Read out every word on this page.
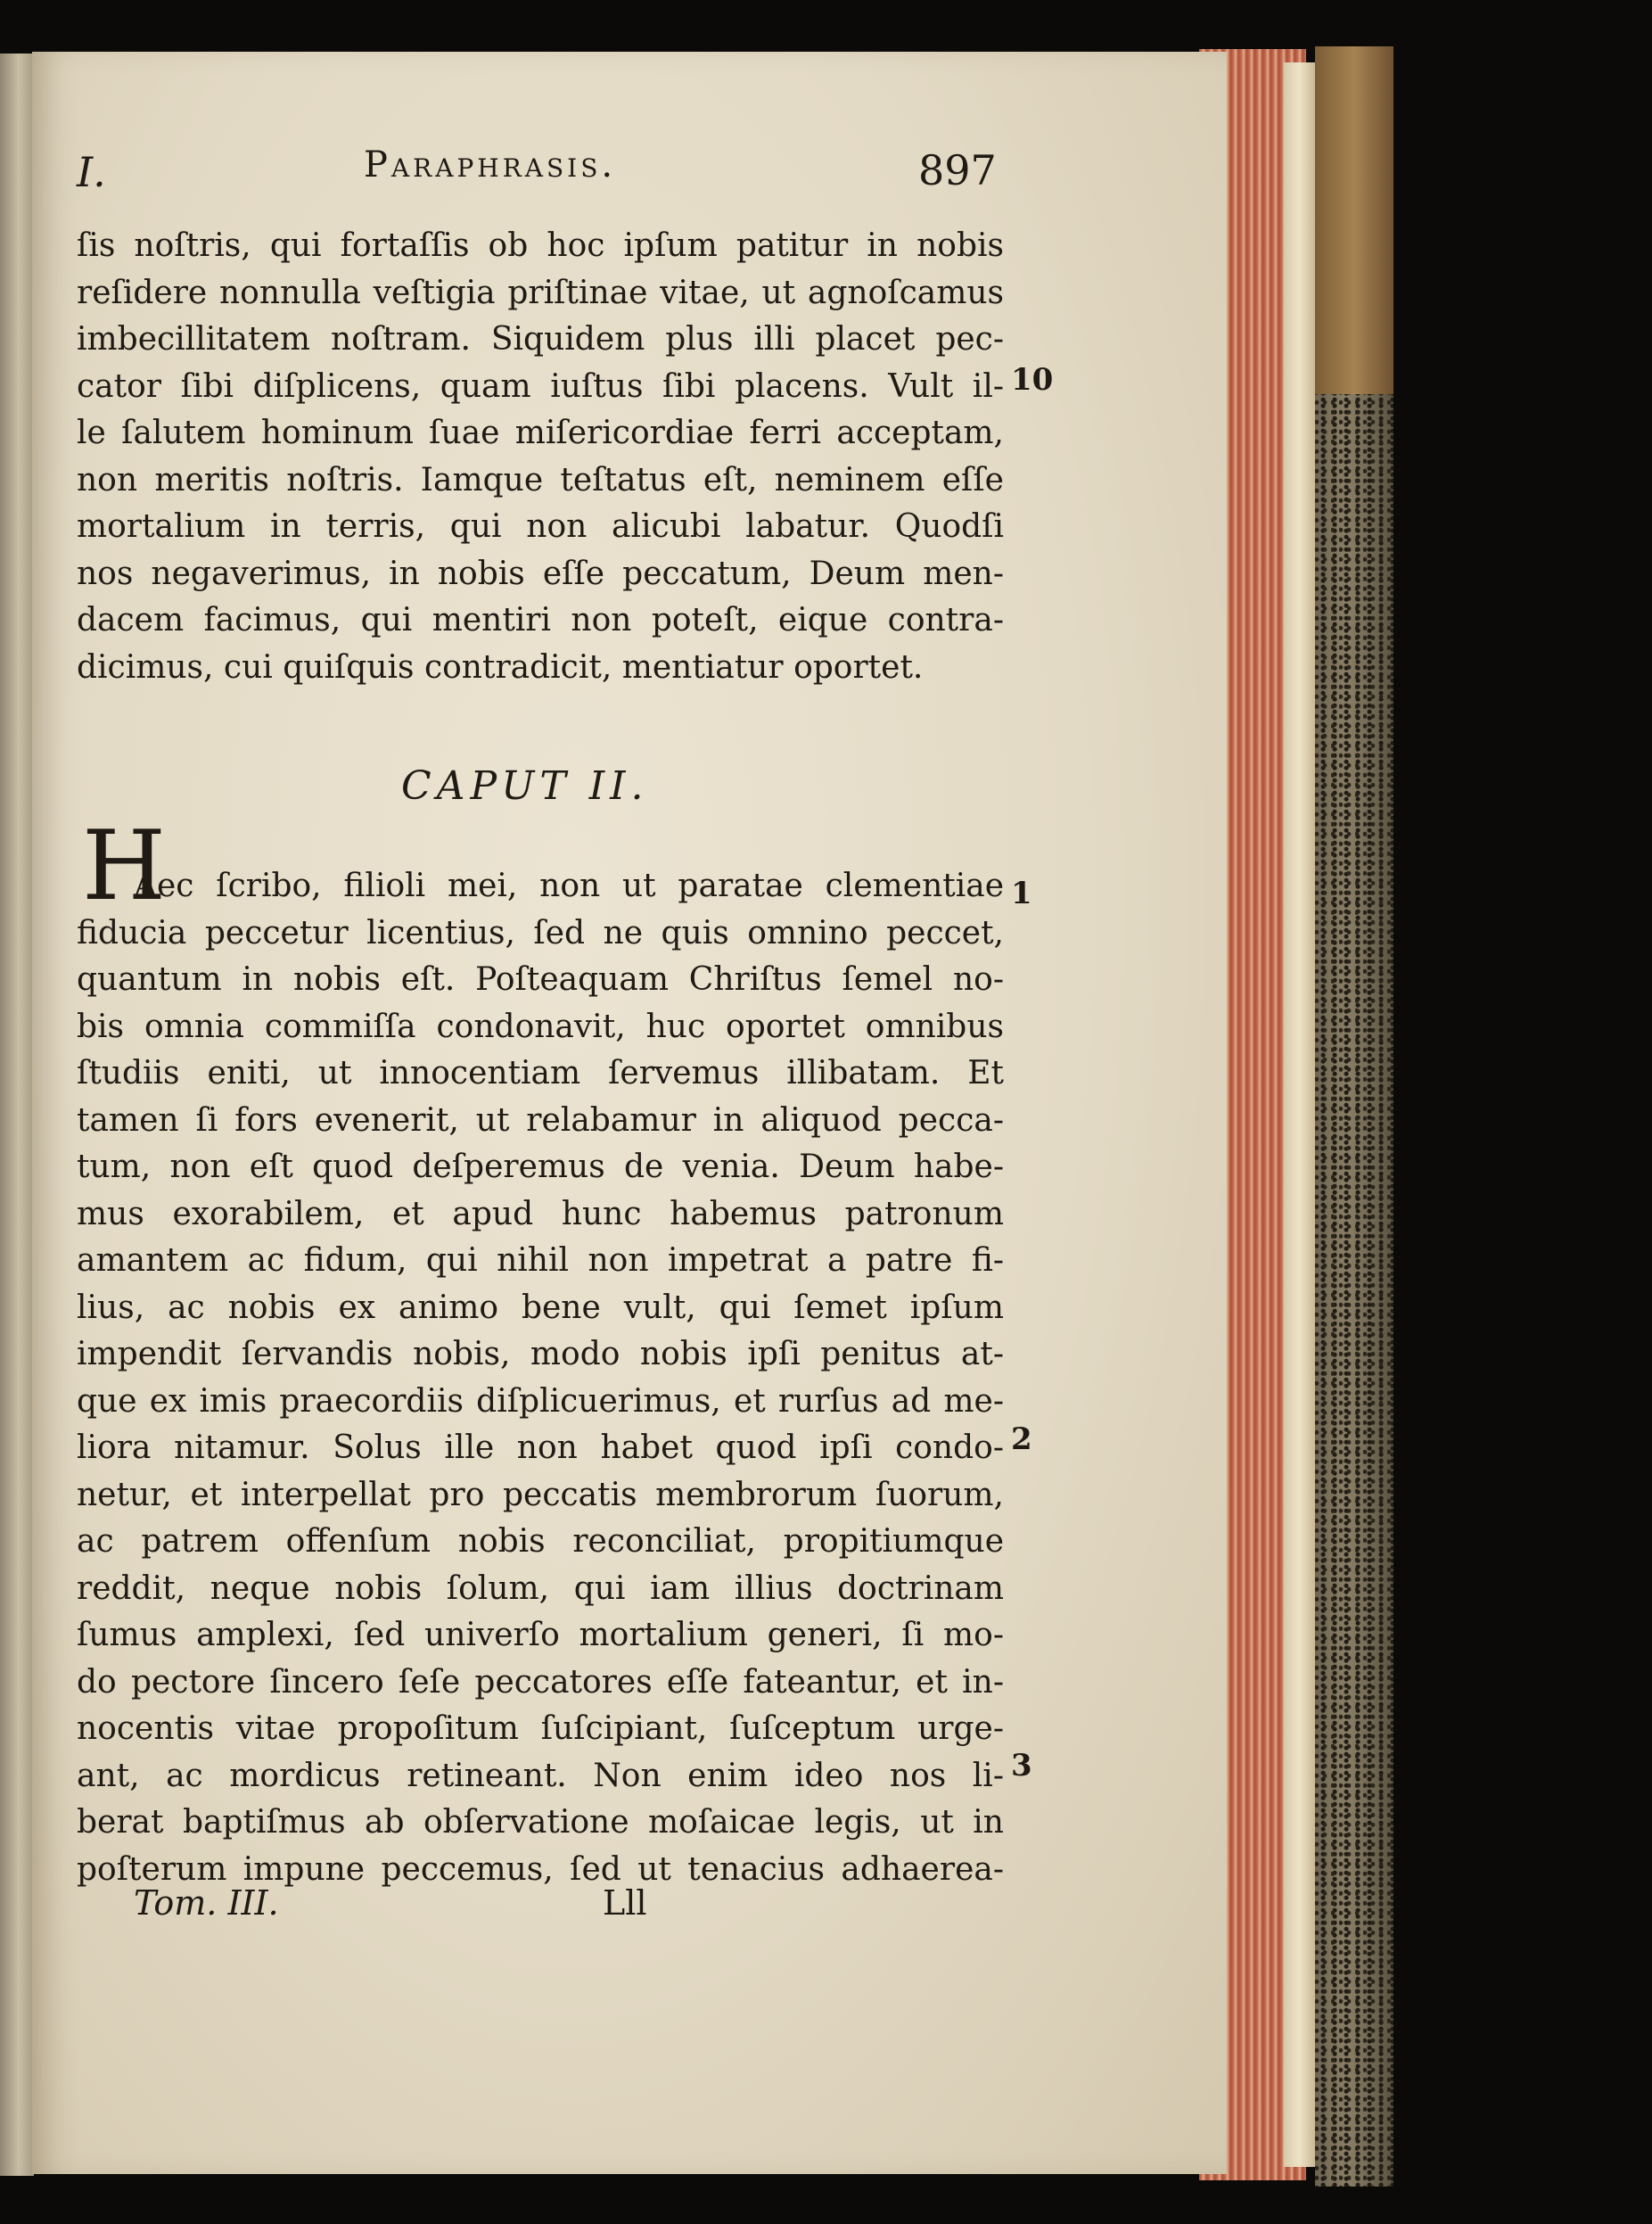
I.	Paraphrasis.	897
ſis noſtris, qui fortaſſis ob hoc ipſum patitur in nobis
reſidere nonnulla veſtigia priſtinae vitae, ut agnoſcamus
imbecillitatem noſtram. Siquidem plus illi placet pec-
cator ſibi diſplicens, quam iuſtus ſibi placens. Vult il-
le ſalutem hominum ſuae miſericordiae ferri acceptam,
non meritis noſtris. Iamque teſtatus eſt, neminem eſſe
mortalium in terris, qui non alicubi labatur. Quodſi
nos negaverimus, in nobis eſſe peccatum, Deum men-
dacem facimus, qui mentiri non poteſt, eique contra-
dicimus, cui quiſquis contradicit, mentiatur oportet.
CAPUT II.
H
Aec ſcribo, filioli mei, non ut paratae clementiae
fiducia peccetur licentius, ſed ne quis omnino peccet,
quantum in nobis eſt. Poſteaquam Chriſtus ſemel no-
bis omnia commiſſa condonavit, huc oportet omnibus
ſtudiis eniti, ut innocentiam ſervemus illibatam. Et
tamen ſi fors evenerit, ut relabamur in aliquod pecca-
tum, non eſt quod deſperemus de venia. Deum habe-
mus exorabilem, et apud hunc habemus patronum
amantem ac fidum, qui nihil non impetrat a patre fi-
lius, ac nobis ex animo bene vult, qui ſemet ipſum
impendit ſervandis nobis, modo nobis ipſi penitus at-
que ex imis praecordiis diſplicuerimus, et rurſus ad me-
liora nitamur. Solus ille non habet quod ipſi condo-
netur, et interpellat pro peccatis membrorum ſuorum,
ac patrem offenſum nobis reconciliat, propitiumque
reddit, neque nobis ſolum, qui iam illius doctrinam
ſumus amplexi, ſed univerſo mortalium generi, ſi mo-
do pectore ſincero ſeſe peccatores eſſe fateantur, et in-
nocentis vitae propoſitum ſuſcipiant, ſuſceptum urge-
ant, ac mordicus retineant. Non enim ideo nos li-
berat baptiſmus ab obſervatione moſaicae legis, ut in
poſterum impune peccemus, ſed ut tenacius adhaerea-
10
1
2
3
Tom. III.	Lll
